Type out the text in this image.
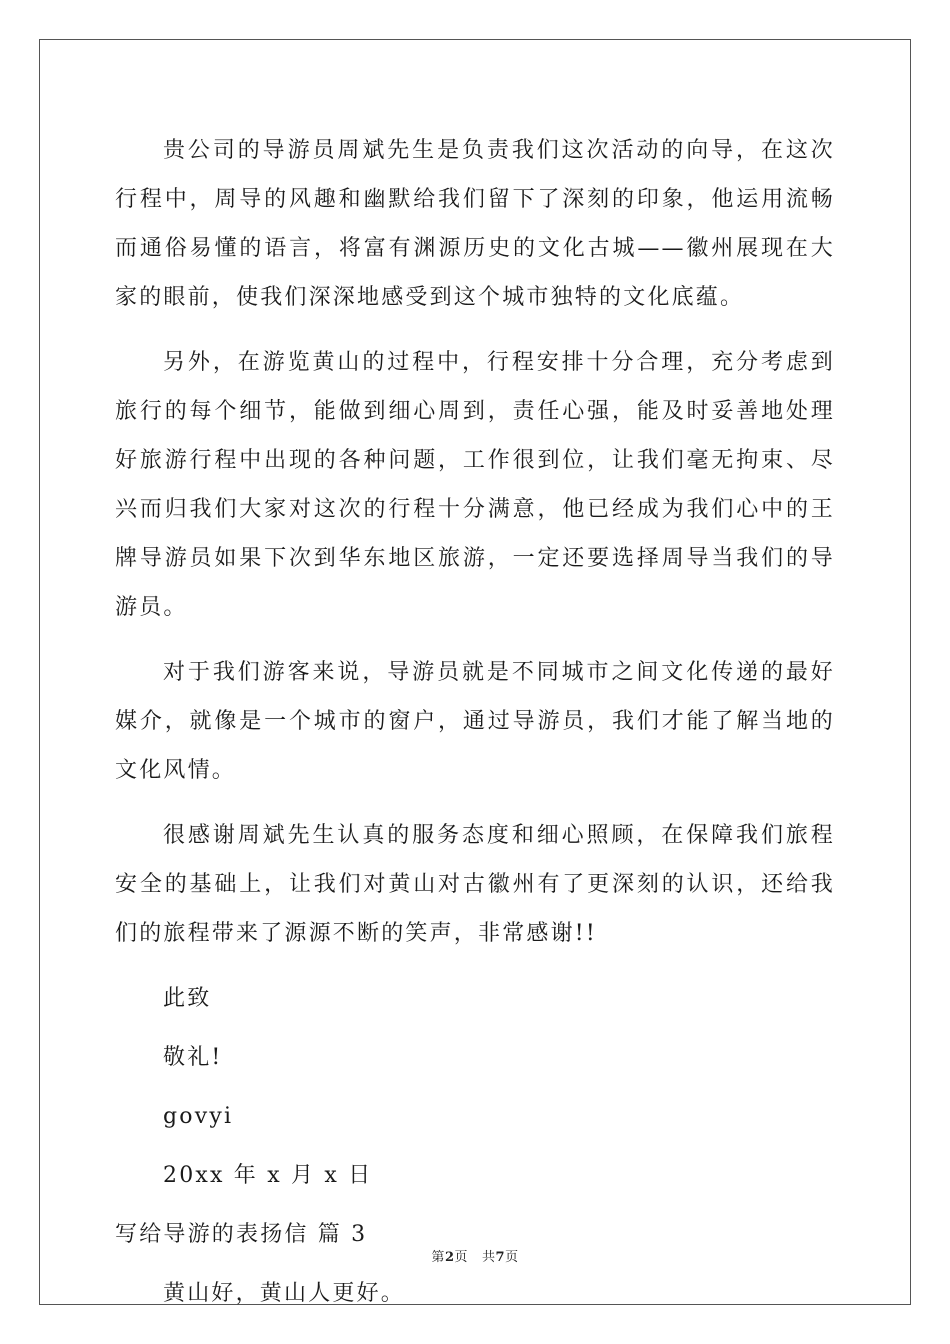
贵公司的导游员周斌先生是负责我们这次活动的向导，在这次行程中，周导的风趣和幽默给我们留下了深刻的印象，他运用流畅而通俗易懂的语言，将富有渊源历史的文化古城——徽州展现在大家的眼前，使我们深深地感受到这个城市独特的文化底蕴。

另外，在游览黄山的过程中，行程安排十分合理，充分考虑到旅行的每个细节，能做到细心周到，责任心强，能及时妥善地处理好旅游行程中出现的各种问题，工作很到位，让我们毫无拘束、尽兴而归我们大家对这次的行程十分满意，他已经成为我们心中的王牌导游员如果下次到华东地区旅游，一定还要选择周导当我们的导游员。

对于我们游客来说，导游员就是不同城市之间文化传递的最好媒介，就像是一个城市的窗户，通过导游员，我们才能了解当地的文化风情。

很感谢周斌先生认真的服务态度和细心照顾，在保障我们旅程安全的基础上，让我们对黄山对古徽州有了更深刻的认识，还给我们的旅程带来了源源不断的笑声，非常感谢!!

此致
敬礼!
govyi
20xx 年 x 月 x 日
写给导游的表扬信 篇 3
黄山好，黄山人更好。
第2页 共7页
